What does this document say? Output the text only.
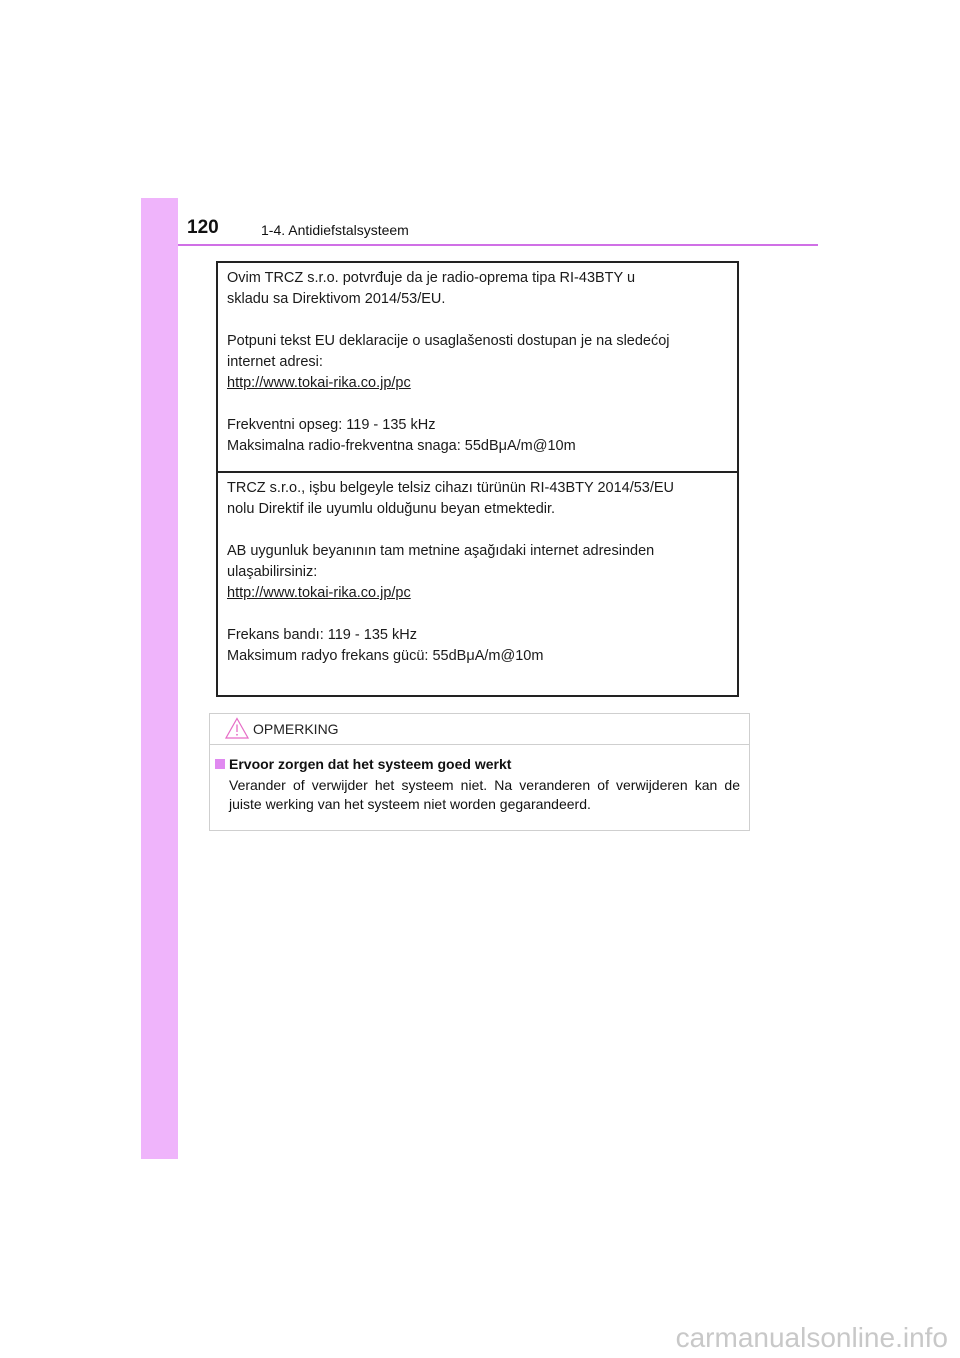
120	1-4. Antidiefstalsysteem
Ovim TRCZ s.r.o. potvrđuje da je radio-oprema tipa RI-43BTY u
skladu sa Direktivom 2014/53/EU.
Potpuni tekst EU deklaracije o usaglašenosti dostupan je na sledećoj
internet adresi:
http://www.tokai-rika.co.jp/pc
Frekventni opseg: 119 - 135 kHz
Maksimalna radio-frekventna snaga: 55dBμA/m@10m
TRCZ s.r.o., işbu belgeyle telsiz cihazı türünün RI-43BTY 2014/53/EU
nolu Direktif ile uyumlu olduğunu beyan etmektedir.
AB uygunluk beyanının tam metnine aşağıdaki internet adresinden
ulaşabilirsiniz:
http://www.tokai-rika.co.jp/pc
Frekans bandı: 119 - 135 kHz
Maksimum radyo frekans gücü: 55dBμA/m@10m
OPMERKING
Ervoor zorgen dat het systeem goed werkt
Verander of verwijder het systeem niet. Na veranderen of verwijderen kan de juiste werking van het systeem niet worden gegarandeerd.
carmanualsonline.info
